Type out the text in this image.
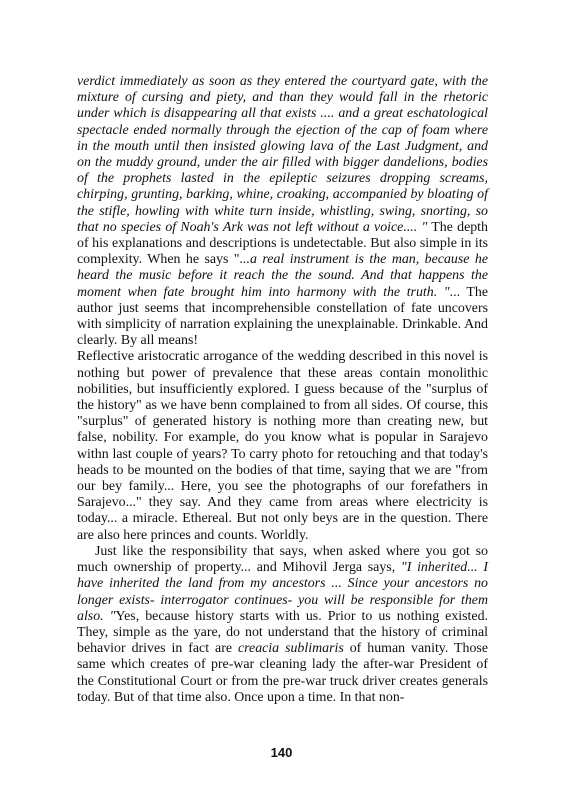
verdict immediately as soon as they entered the courtyard gate, with the mixture of cursing and piety, and than they would fall in the rhetoric under which is disappearing all that exists .... and a great eschatological spectacle ended normally through the ejection of the cap of foam where in the mouth until then insisted glowing lava of the Last Judgment, and on the muddy ground, under the air filled with bigger dandelions, bodies of the prophets lasted in the epileptic seizures dropping screams, chirping, grunting, barking, whine, croaking, accompanied by bloating of the stifle, howling with white turn inside, whistling, swing, snorting, so that no species of Noah's Ark was not left without a voice.... " The depth of his explanations and descriptions is undetectable. But also simple in its complexity. When he says "...a real instrument is the man, because he heard the music before it reach the the sound. And that happens the moment when fate brought him into harmony with the truth. "... The author just seems that incomprehensible constellation of fate uncovers with simplicity of narration explaining the unexplainable. Drinkable. And clearly. By all means!

Reflective aristocratic arrogance of the wedding described in this novel is nothing but power of prevalence that these areas contain monolithic nobilities, but insufficiently explored. I guess because of the "surplus of the history" as we have benn complained to from all sides. Of course, this "surplus" of generated history is nothing more than creating new, but false, nobility. For example, do you know what is popular in Sarajevo withn last couple of years? To carry photo for retouching and that today's heads to be mounted on the bodies of that time, saying that we are "from our bey family... Here, you see the photographs of our forefathers in Sarajevo..." they say. And they came from areas where electricity is today... a miracle. Ethereal. But not only beys are in the question. There are also here princes and counts. Worldly.

Just like the responsibility that says, when asked where you got so much ownership of property... and Mihovil Jerga says, "I inherited... I have inherited the land from my ancestors ... Since your ancestors no longer exists- interrogator continues- you will be responsible for them also. "Yes, because history starts with us. Prior to us nothing existed. They, simple as the yare, do not understand that the history of criminal behavior drives in fact are creacia sublimaris of human vanity. Those same which creates of pre-war cleaning lady the after-war President of the Constitutional Court or from the pre-war truck driver creates generals today. But of that time also. Once upon a time. In that non-

140
